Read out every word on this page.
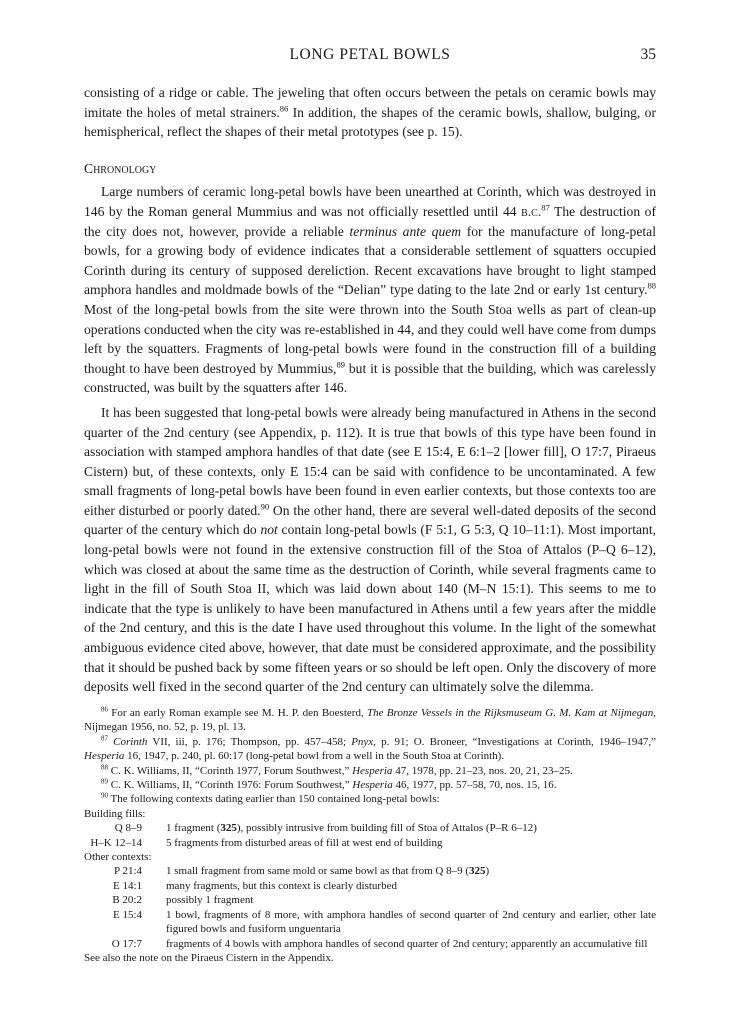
LONG PETAL BOWLS	35

consisting of a ridge or cable. The jeweling that often occurs between the petals on ceramic bowls may imitate the holes of metal strainers.$^{86}$ In addition, the shapes of the ceramic bowls, shallow, bulging, or hemispherical, reflect the shapes of their metal prototypes (see p. 15).

Chronology

Large numbers of ceramic long-petal bowls have been unearthed at Corinth, which was destroyed in 146 by the Roman general Mummius and was not officially resettled until 44 b.c.$^{87}$ The destruction of the city does not, however, provide a reliable terminus ante quem for the manufacture of long-petal bowls, for a growing body of evidence indicates that a considerable settlement of squatters occupied Corinth during its century of supposed dereliction. Recent excavations have brought to light stamped amphora handles and moldmade bowls of the “Delian” type dating to the late 2nd or early 1st century.$^{88}$ Most of the long-petal bowls from the site were thrown into the South Stoa wells as part of clean-up operations conducted when the city was re-established in 44, and they could well have come from dumps left by the squatters. Fragments of long-petal bowls were found in the construction fill of a building thought to have been destroyed by Mummius,$^{89}$ but it is possible that the building, which was carelessly constructed, was built by the squatters after 146.

It has been suggested that long-petal bowls were already being manufactured in Athens in the second quarter of the 2nd century (see Appendix, p. 112). It is true that bowls of this type have been found in association with stamped amphora handles of that date (see E 15:4, E 6:1–2 [lower fill], O 17:7, Piraeus Cistern) but, of these contexts, only E 15:4 can be said with confidence to be uncontaminated. A few small fragments of long-petal bowls have been found in even earlier contexts, but those contexts too are either disturbed or poorly dated.$^{90}$ On the other hand, there are several well-dated deposits of the second quarter of the century which do not contain long-petal bowls (F 5:1, G 5:3, Q 10–11:1). Most important, long-petal bowls were not found in the extensive construction fill of the Stoa of Attalos (P–Q 6–12), which was closed at about the same time as the destruction of Corinth, while several fragments came to light in the fill of South Stoa II, which was laid down about 140 (M–N 15:1). This seems to me to indicate that the type is unlikely to have been manufactured in Athens until a few years after the middle of the 2nd century, and this is the date I have used throughout this volume. In the light of the somewhat ambiguous evidence cited above, however, that date must be considered approximate, and the possibility that it should be pushed back by some fifteen years or so should be left open. Only the discovery of more deposits well fixed in the second quarter of the 2nd century can ultimately solve the dilemma.

$^{86}$ For an early Roman example see M. H. P. den Boesterd, The Bronze Vessels in the Rijksmuseum G. M. Kam at Nijmegan, Nijmegan 1956, no. 52, p. 19, pl. 13.

$^{87}$ Corinth VII, iii, p. 176; Thompson, pp. 457–458; Pnyx, p. 91; O. Broneer, “Investigations at Corinth, 1946–1947,” Hesperia 16, 1947, p. 240, pl. 60:17 (long-petal bowl from a well in the South Stoa at Corinth).

$^{88}$ C. K. Williams, II, “Corinth 1977, Forum Southwest,” Hesperia 47, 1978, pp. 21–23, nos. 20, 21, 23–25.

$^{89}$ C. K. Williams, II, “Corinth 1976: Forum Southwest,” Hesperia 46, 1977, pp. 57–58, 70, nos. 15, 16.

$^{90}$ The following contexts dating earlier than 150 contained long-petal bowls:

Building fills:

Q 8–9	1 fragment (325), possibly intrusive from building fill of Stoa of Attalos (P–R 6–12)
H–K 12–14	5 fragments from disturbed areas of fill at west end of building

Other contexts:

P 21:4	1 small fragment from same mold or same bowl as that from Q 8–9 (325)
E 14:1	many fragments, but this context is clearly disturbed
B 20:2	possibly 1 fragment
E 15:4	1 bowl, fragments of 8 more, with amphora handles of second quarter of 2nd century and earlier, other late figured bowls and fusiform unguentaria
O 17:7	fragments of 4 bowls with amphora handles of second quarter of 2nd century; apparently an accumulative fill

See also the note on the Piraeus Cistern in the Appendix.
